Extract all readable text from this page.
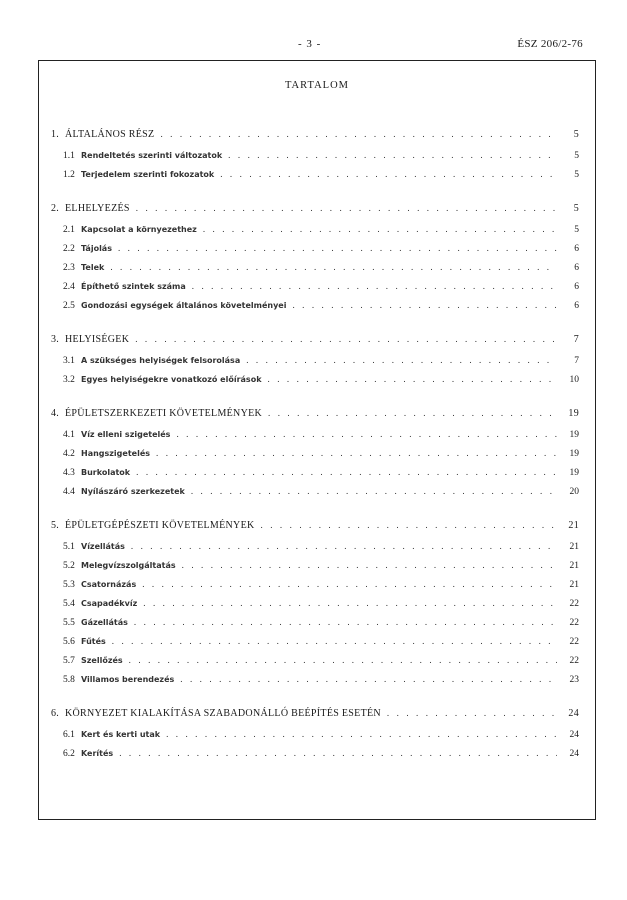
- 3 -	ÉSZ 206/2-76
TARTALOM
1. ÁLTALÁNOS RÉSZ . . .	5
1.1 Rendeltetés szerinti változatok . . .	5
1.2 Terjedelem szerinti fokozatok . . .	5
2. ELHELYEZÉS . . .	5
2.1 Kapcsolat a környezethez . . .	5
2.2 Tájolás . . .	6
2.3 Telek . . .	6
2.4 Építhető szintek száma . . .	6
2.5 Gondozási egységek általános követelményei . . .	6
3. HELYISÉGEK . . .	7
3.1 A szükséges helyiségek felsorolása . . .	7
3.2 Egyes helyiségekre vonatkozó előírások . . .	10
4. ÉPÜLETSZERKEZETI KÖVETELMÉNYEK . . .	19
4.1 Víz elleni szigetelés . . .	19
4.2 Hangszigetelés . . .	19
4.3 Burkolatok . . .	19
4.4 Nyílászáró szerkezetek . . .	20
5. ÉPÜLETGÉPÉSZETI KÖVETELMÉNYEK . . .	21
5.1 Vízellátás . . .	21
5.2 Melegvízszolgáltatás . . .	21
5.3 Csatornázás . . .	21
5.4 Csapadékvíz . . .	22
5.5 Gázellátás . . .	22
5.6 Fűtés . . .	22
5.7 Szellőzés . . .	22
5.8 Villamos berendezés . . .	23
6. KÖRNYEZET KIALAKÍTÁSA SZABADONÁLLÓ BEÉPÍTÉS ESETÉN . . .	24
6.1 Kert és kerti utak . . .	24
6.2 Kerítés . . .	24
